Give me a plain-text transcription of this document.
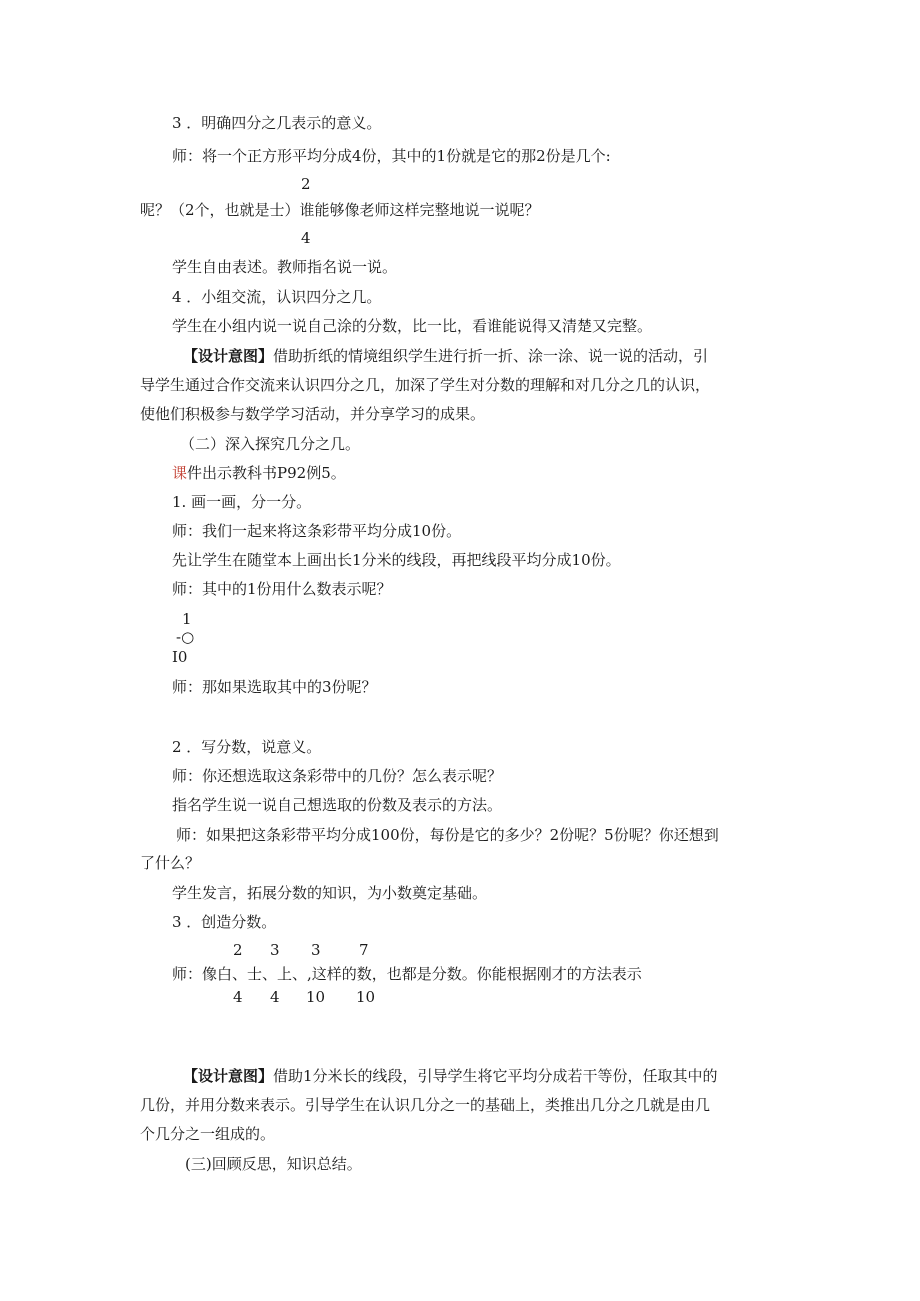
3 ．明确四分之几表示的意义。
师：将一个正方形平均分成4份，其中的1份就是它的那2份是几个:
2
呢？（2个，也就是士）谁能够像老师这样完整地说一说呢？
4
学生自由表述。教师指名说一说。
4 ．小组交流，认识四分之几。
学生在小组内说一说自己涂的分数，比一比，看谁能说得又清楚又完整。
【设计意图】借助折纸的情境组织学生进行折一折、涂一涂、说一说的活动，引
导学生通过合作交流来认识四分之几，加深了学生对分数的理解和对几分之几的认识，
使他们积极参与数学学习活动，并分享学习的成果。
（二）深入探究几分之几。
课件出示教科书P92例5。
1. 画一画，分一分。
师：我们一起来将这条彩带平均分成10份。
先让学生在随堂本上画出长1分米的线段，再把线段平均分成10份。
师：其中的1份用什么数表示呢？
1
-○
I0
师：那如果选取其中的3份呢？
2 ．写分数，说意义。
师：你还想选取这条彩带中的几份？怎么表示呢？
指名学生说一说自己想选取的份数及表示的方法。
师：如果把这条彩带平均分成100份，每份是它的多少？2份呢？5份呢？你还想到
了什么？
学生发言，拓展分数的知识，为小数奠定基础。
3 ．创造分数。
2 3 3	7
师：像白、士、上、,这样的数，也都是分数。你能根据刚才的方法表示
4 4 10 10
【设计意图】借助1分米长的线段，引导学生将它平均分成若干等份，任取其中的
几份，并用分数来表示。引导学生在认识几分之一的基础上，类推出几分之几就是由几
个几分之一组成的。
(三)回顾反思，知识总结。
